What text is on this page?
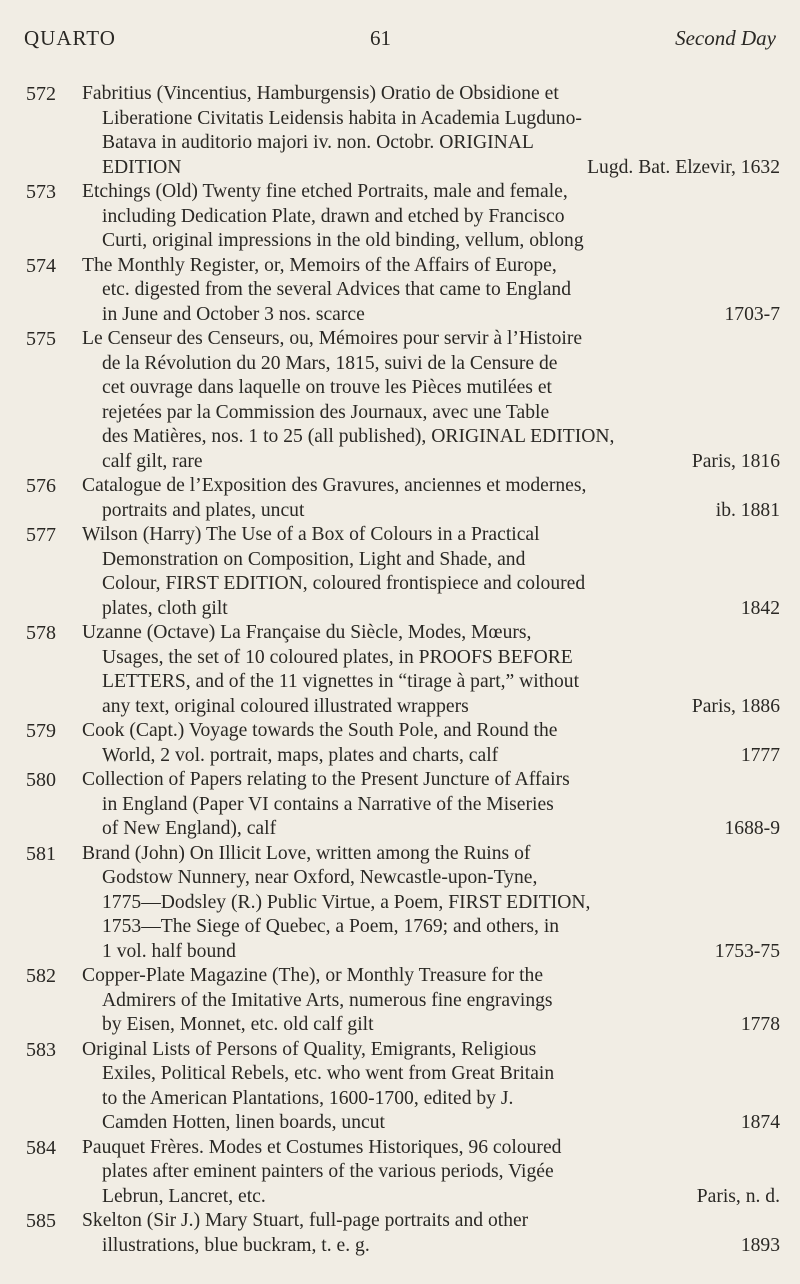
QUARTO	61	Second Day
572	Fabritius (Vincentius, Hamburgensis) Oratio de Obsidione et
Liberatione Civitatis Leidensis habita in Academia Lugduno-
Batava in auditorio majori iv. non. Octobr. ORIGINAL
EDITION	Lugd. Bat. Elzevir, 1632
573	Etchings (Old) Twenty fine etched Portraits, male and female,
including Dedication Plate, drawn and etched by Francisco
Curti, original impressions in the old binding, vellum, oblong
574	The Monthly Register, or, Memoirs of the Affairs of Europe,
etc. digested from the several Advices that came to England
in June and October 3 nos. scarce	1703-7
575	Le Censeur des Censeurs, ou, Mémoires pour servir à l’Histoire
de la Révolution du 20 Mars, 1815, suivi de la Censure de
cet ouvrage dans laquelle on trouve les Pièces mutilées et
rejetées par la Commission des Journaux, avec une Table
des Matières, nos. 1 to 25 (all published), ORIGINAL EDITION,
calf gilt, rare	Paris, 1816
576	Catalogue de l’Exposition des Gravures, anciennes et modernes,
portraits and plates, uncut	ib. 1881
577	Wilson (Harry) The Use of a Box of Colours in a Practical
Demonstration on Composition, Light and Shade, and
Colour, FIRST EDITION, coloured frontispiece and coloured
plates, cloth gilt	1842
578	Uzanne (Octave) La Française du Siècle, Modes, Mœurs,
Usages, the set of 10 coloured plates, in PROOFS BEFORE
LETTERS, and of the 11 vignettes in “tirage à part,” without
any text, original coloured illustrated wrappers	Paris, 1886
579	Cook (Capt.) Voyage towards the South Pole, and Round the
World, 2 vol. portrait, maps, plates and charts, calf	1777
580	Collection of Papers relating to the Present Juncture of Affairs
in England (Paper VI contains a Narrative of the Miseries
of New England), calf	1688-9
581	Brand (John) On Illicit Love, written among the Ruins of
Godstow Nunnery, near Oxford, Newcastle-upon-Tyne,
1775—Dodsley (R.) Public Virtue, a Poem, FIRST EDITION,
1753—The Siege of Quebec, a Poem, 1769; and others, in
1 vol. half bound	1753-75
582	Copper-Plate Magazine (The), or Monthly Treasure for the
Admirers of the Imitative Arts, numerous fine engravings
by Eisen, Monnet, etc. old calf gilt	1778
583	Original Lists of Persons of Quality, Emigrants, Religious
Exiles, Political Rebels, etc. who went from Great Britain
to the American Plantations, 1600-1700, edited by J.
Camden Hotten, linen boards, uncut	1874
584	Pauquet Frères. Modes et Costumes Historiques, 96 coloured
plates after eminent painters of the various periods, Vigée
Lebrun, Lancret, etc.	Paris, n. d.
585	Skelton (Sir J.) Mary Stuart, full-page portraits and other
illustrations, blue buckram, t. e. g.	1893
